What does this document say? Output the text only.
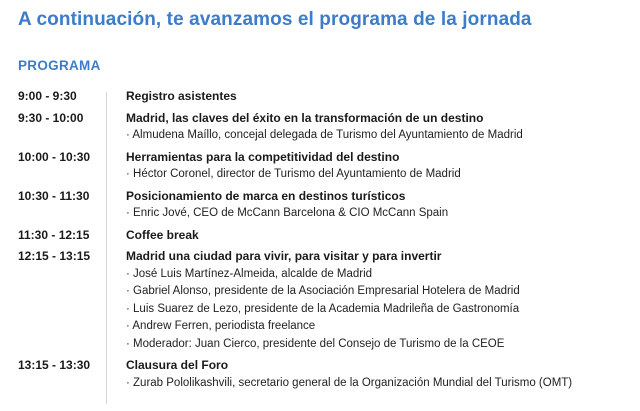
A continuación, te avanzamos el programa de la jornada
PROGRAMA
9:00 - 9:30	Registro asistentes
9:30 - 10:00	Madrid, las claves del éxito en la transformación de un destino
· Almudena Maíllo, concejal delegada de Turismo del Ayuntamiento de Madrid
10:00 - 10:30	Herramientas para la competitividad del destino
· Héctor Coronel, director de Turismo del Ayuntamiento de Madrid
10:30 - 11:30	Posicionamiento de marca en destinos turísticos
· Enric Jové, CEO de McCann Barcelona & CIO McCann Spain
11:30 - 12:15	Coffee break
12:15 - 13:15	Madrid una ciudad para vivir, para visitar y para invertir
· José Luis Martínez-Almeida, alcalde de Madrid
· Gabriel Alonso, presidente de la Asociación Empresarial Hotelera de Madrid
· Luis Suarez de Lezo, presidente de la Academia Madrileña de Gastronomía
· Andrew Ferren, periodista freelance
· Moderador: Juan Cierco, presidente del Consejo de Turismo de la CEOE
13:15 - 13:30	Clausura del Foro
· Zurab Pololikashvili, secretario general de la Organización Mundial del Turismo (OMT)
